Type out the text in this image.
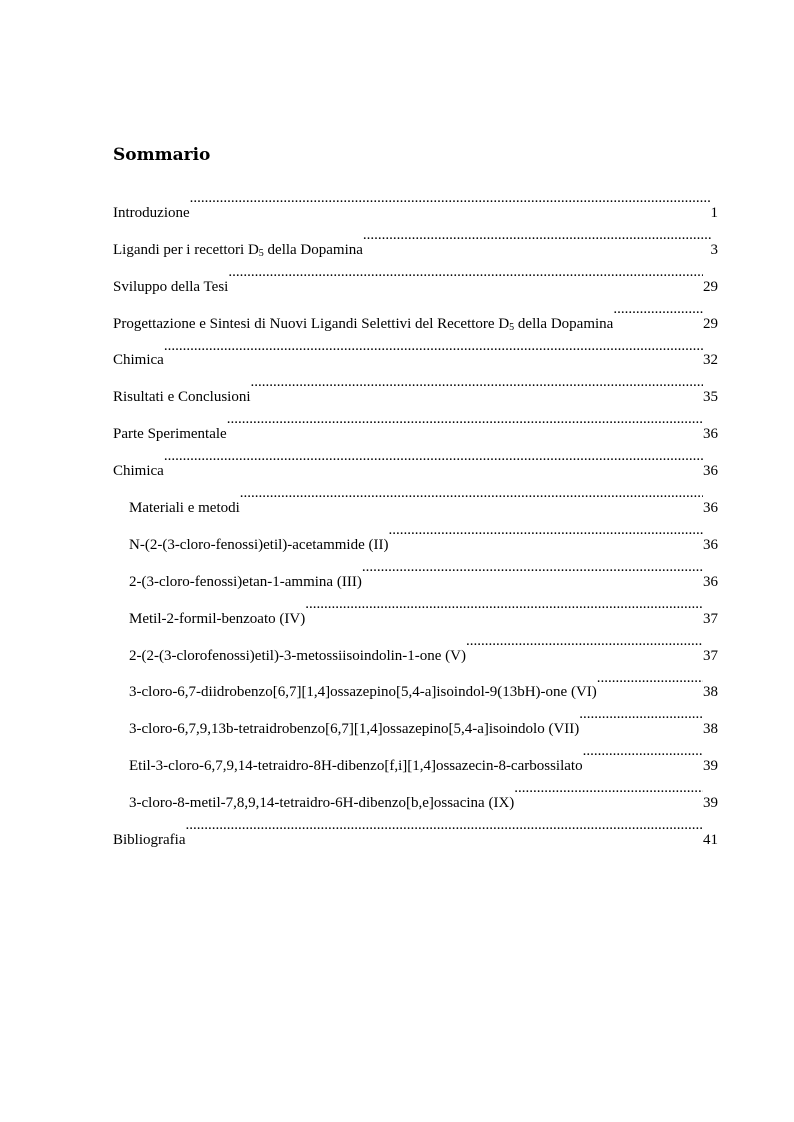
Sommario
Introduzione .....	1
Ligandi per i recettori $D_5$ della Dopamina .....	3
Sviluppo della Tesi .....	29
Progettazione e Sintesi di Nuovi Ligandi Selettivi del Recettore $D_5$ della Dopamina .....	29
Chimica .....	32
Risultati e Conclusioni .....	35
Parte Sperimentale .....	36
Chimica .....	36
Materiali e metodi .....	36
N-(2-(3-cloro-fenossi)etil)-acetammide (II) .....	36
2-(3-cloro-fenossi)etan-1-ammina (III) .....	36
Metil-2-formil-benzoato (IV) .....	37
2-(2-(3-clorofenossi)etil)-3-metossiisoindolin-1-one (V) .....	37
3-cloro-6,7-diidrobenzo[6,7][1,4]ossazepino[5,4-a]isoindol-9(13bH)-one (VI) .....	38
3-cloro-6,7,9,13b-tetraidrobenzo[6,7][1,4]ossazepino[5,4-a]isoindolo (VII) .....	38
Etil-3-cloro-6,7,9,14-tetraidro-8H-dibenzo[f,i][1,4]ossazecin-8-carbossilato .....	39
3-cloro-8-metil-7,8,9,14-tetraidro-6H-dibenzo[b,e]ossacina (IX) .....	39
Bibliografia .....	41
